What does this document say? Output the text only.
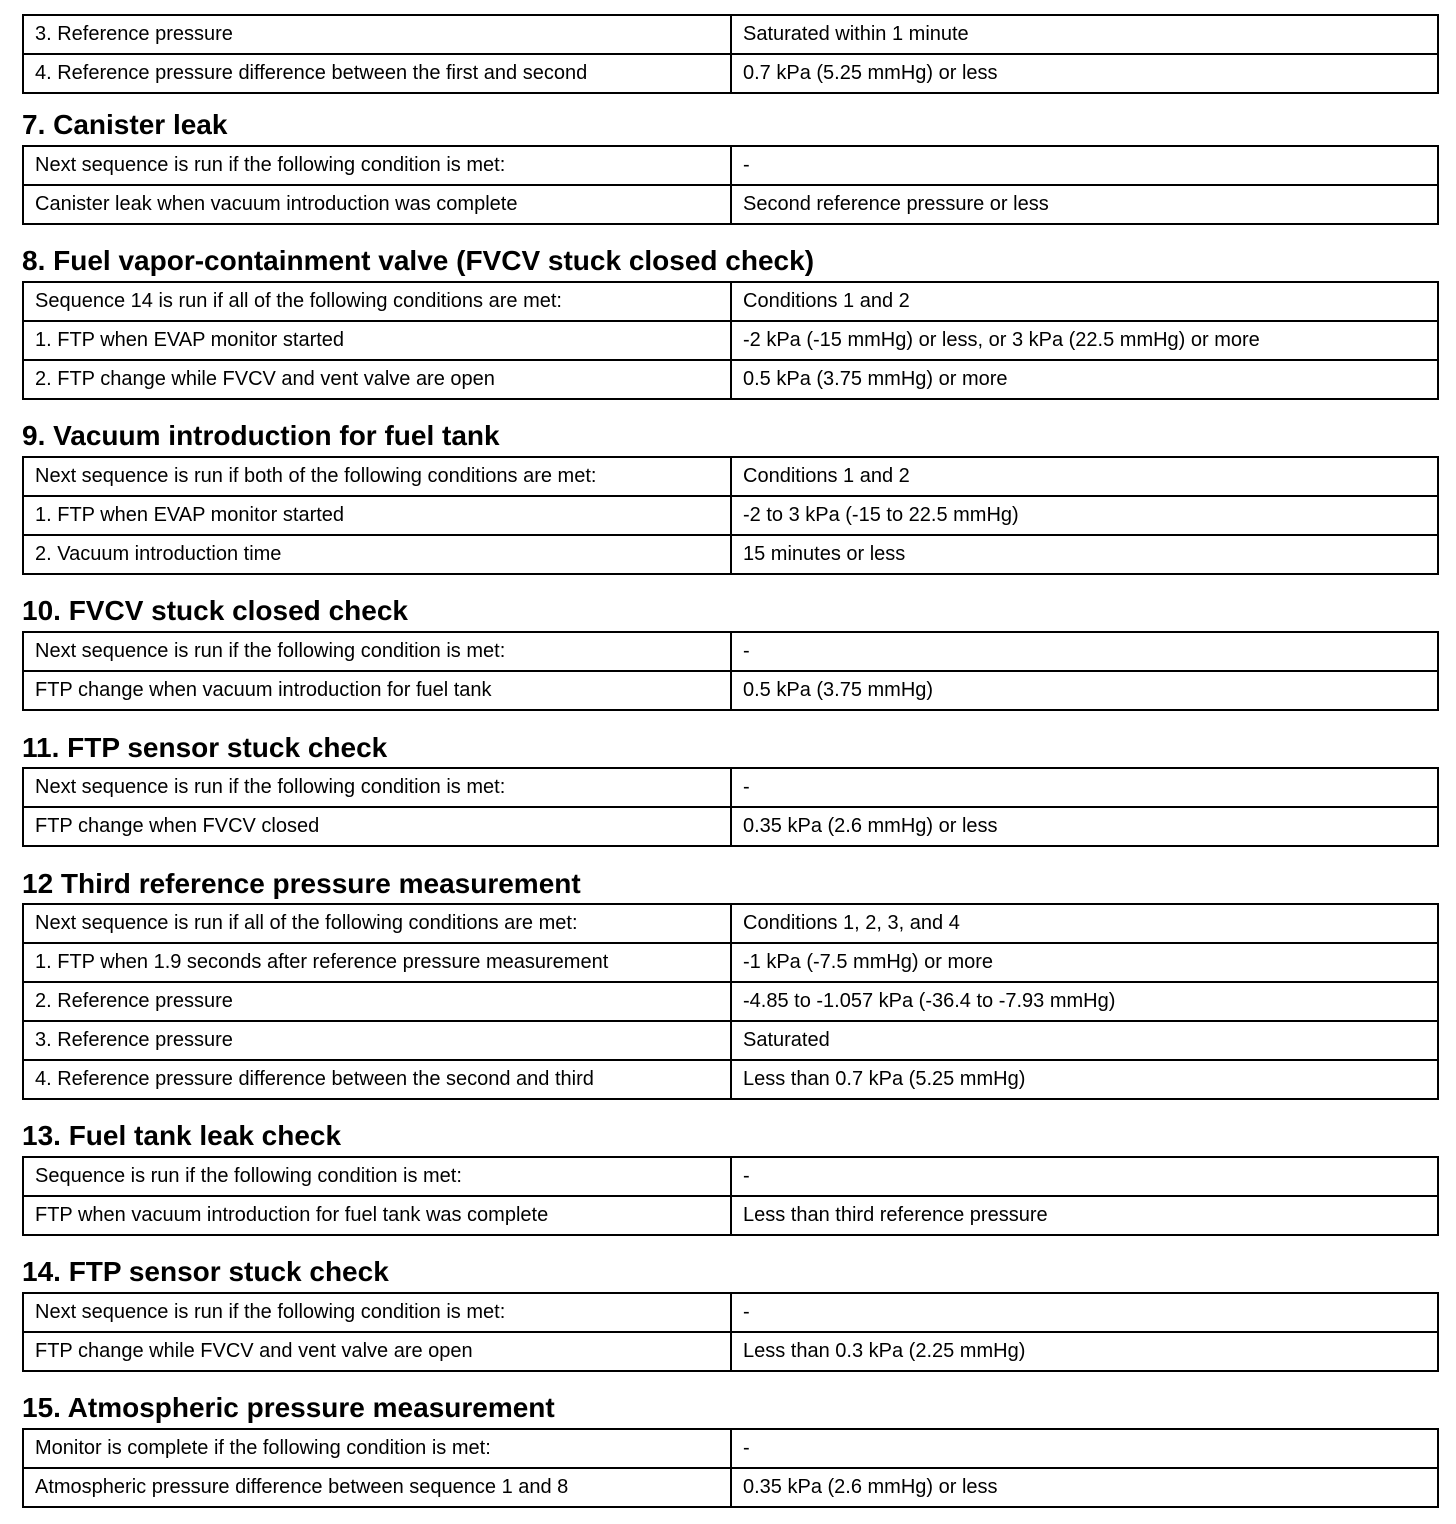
3. Reference pressure	Saturated within 1 minute
4. Reference pressure difference between the first and second	0.7 kPa (5.25 mmHg) or less
7. Canister leak
Next sequence is run if the following condition is met:	-
Canister leak when vacuum introduction was complete	Second reference pressure or less
8. Fuel vapor-containment valve (FVCV stuck closed check)
Sequence 14 is run if all of the following conditions are met:	Conditions 1 and 2
1. FTP when EVAP monitor started	-2 kPa (-15 mmHg) or less, or 3 kPa (22.5 mmHg) or more
2. FTP change while FVCV and vent valve are open	0.5 kPa (3.75 mmHg) or more
9. Vacuum introduction for fuel tank
Next sequence is run if both of the following conditions are met:	Conditions 1 and 2
1. FTP when EVAP monitor started	-2 to 3 kPa (-15 to 22.5 mmHg)
2. Vacuum introduction time	15 minutes or less
10. FVCV stuck closed check
Next sequence is run if the following condition is met:	-
FTP change when vacuum introduction for fuel tank	0.5 kPa (3.75 mmHg)
11. FTP sensor stuck check
Next sequence is run if the following condition is met:	-
FTP change when FVCV closed	0.35 kPa (2.6 mmHg) or less
12 Third reference pressure measurement
Next sequence is run if all of the following conditions are met:	Conditions 1, 2, 3, and 4
1. FTP when 1.9 seconds after reference pressure measurement	-1 kPa (-7.5 mmHg) or more
2. Reference pressure	-4.85 to -1.057 kPa (-36.4 to -7.93 mmHg)
3. Reference pressure	Saturated
4. Reference pressure difference between the second and third	Less than 0.7 kPa (5.25 mmHg)
13. Fuel tank leak check
Sequence is run if the following condition is met:	-
FTP when vacuum introduction for fuel tank was complete	Less than third reference pressure
14. FTP sensor stuck check
Next sequence is run if the following condition is met:	-
FTP change while FVCV and vent valve are open	Less than 0.3 kPa (2.25 mmHg)
15. Atmospheric pressure measurement
Monitor is complete if the following condition is met:	-
Atmospheric pressure difference between sequence 1 and 8	0.35 kPa (2.6 mmHg) or less
